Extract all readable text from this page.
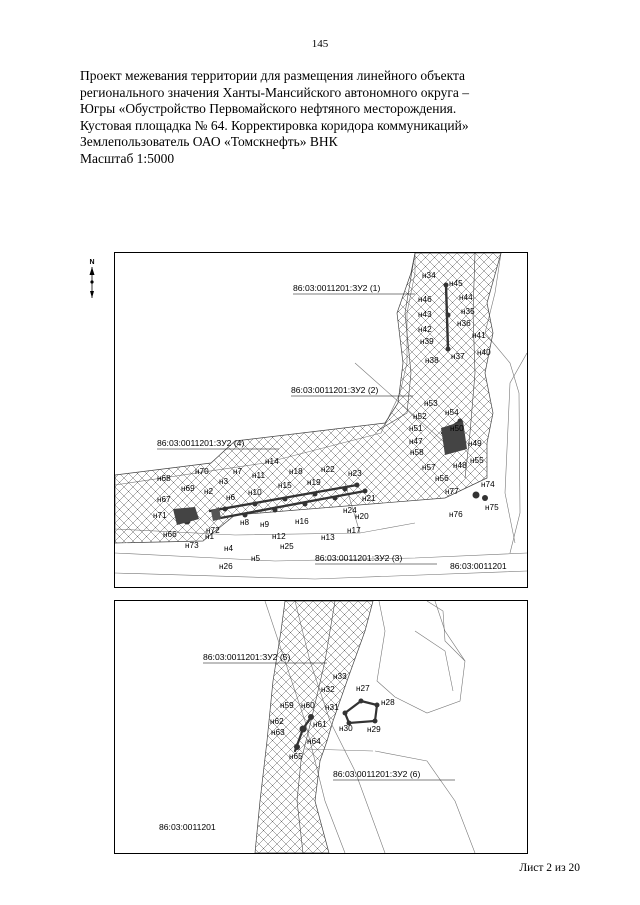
145
Проект межевания территории для размещения линейного объекта
регионального значения Ханты-Мансийского автономного округа –
Югры «Обустройство Первомайского нефтяного месторождения.
Кустовая площадка № 64. Корректировка коридора коммуникаций»
Землепользователь ОАО «Томскнефть» ВНК
Масштаб 1:5000
N
86:03:0011201:ЗУ2 (1)
86:03:0011201:ЗУ2 (2)
86:03:0011201:ЗУ2 (4)
86:03:0011201:ЗУ2 (3)
86:03:0011201
н34
н45
н46	н44
н43	н35
н36
н42
н41
н39
н40
н37
н38
н53
н54
н52
н51	н50
н47	н49
н58
н55
н48
н57
н56
н74
н77
н75
н76
н14
н22 н23
н18
н7
н70	н11
н19
н68	н3	н15
н69 н2	н10
н21
н67	н6
н24
н20
н71
н8 н9	н16
н72	н17
н66	н12	н13
н1
н25
н73	н4
н5
н26
86:03:0011201:ЗУ2 (5)
86:03:0011201:ЗУ2 (6)
86:03:0011201
н33
н27
н32
н28
н59 н60 н31
н62	н61 н30 н29
н63
н64
н65
Лист 2 из 20
